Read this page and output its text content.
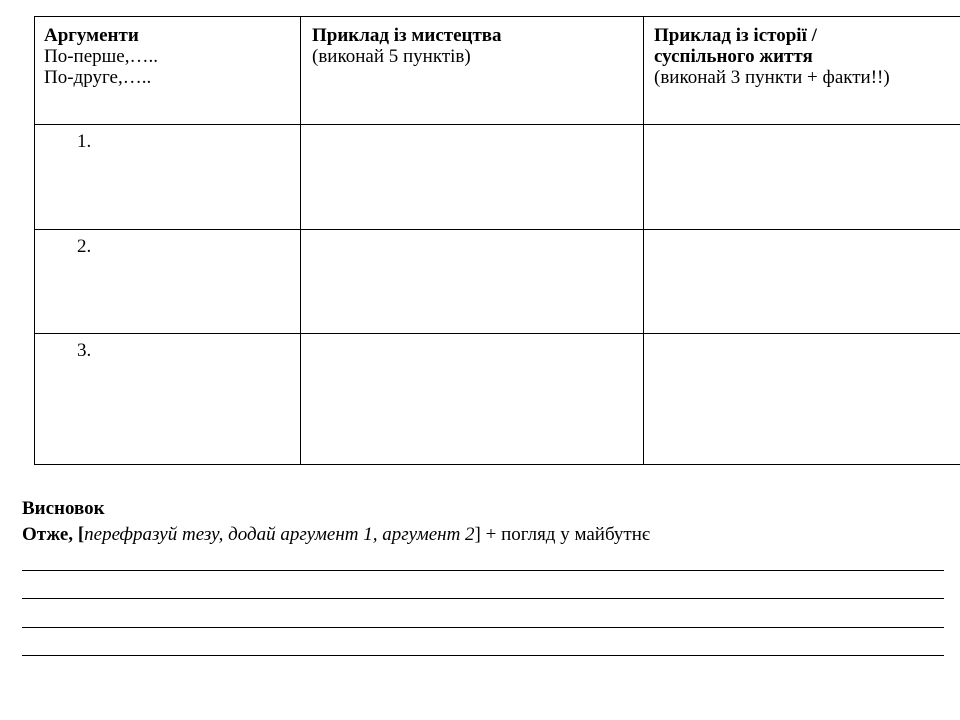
Аргументи
По-перше,…..
По-друге,…..
Приклад із мистецтва
(виконай 5 пунктів)
Приклад із історії /
суспільного життя
(виконай 3 пункти + факти!!)
1.
2.
3.
Висновок
Отже, [перефразуй тезу, додай аргумент 1, аргумент 2] + погляд у майбутнє
